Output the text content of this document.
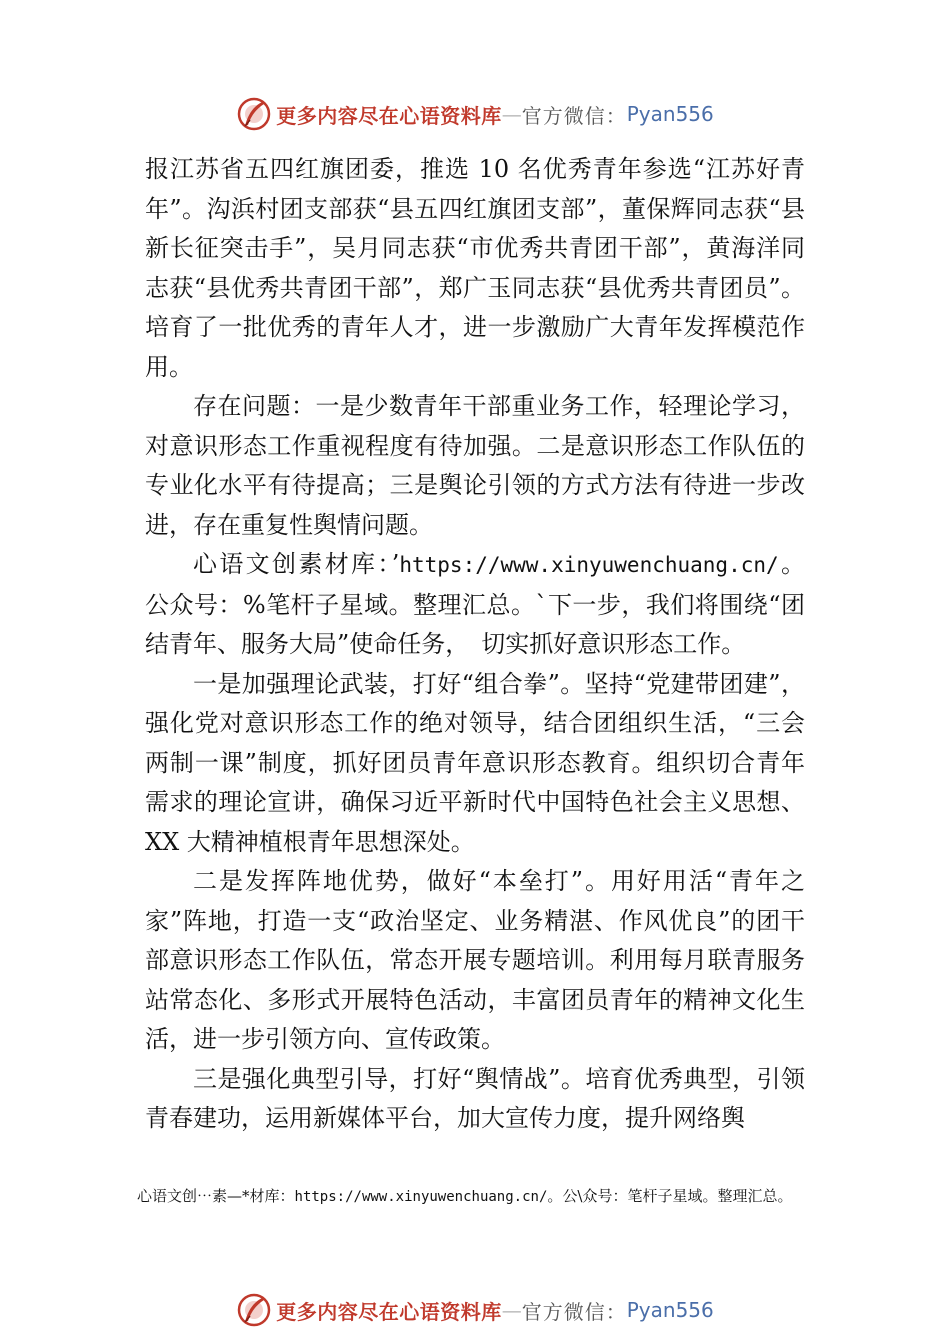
更多内容尽在心语资料库 — 官方微信： Pyan556

报江苏省五四红旗团委，推选 10 名优秀青年参选“江苏好青年”。沟浜村团支部获“县五四红旗团支部”，董保辉同志获“县新长征突击手”，吴月同志获“市优秀共青团干部”，黄海洋同志获“县优秀共青团干部”，郑广玉同志获“县优秀共青团员”。培育了一批优秀的青年人才，进一步激励广大青年发挥模范作用。

存在问题：一是少数青年干部重业务工作，轻理论学习，对意识形态工作重视程度有待加强。二是意识形态工作队伍的专业化水平有待提高；三是舆论引领的方式方法有待进一步改进，存在重复性舆情问题。

心语文创素材库：’https://www.xinyuwenchuang.cn/。公众号：%笔杆子星域。整理汇总。`下一步，我们将围绕“团结青年、服务大局”使命任务，　切实抓好意识形态工作。

一是加强理论武装，打好“组合拳”。坚持“党建带团建”，强化党对意识形态工作的绝对领导，结合团组织生活，“三会两制一课”制度，抓好团员青年意识形态教育。组织切合青年需求的理论宣讲，确保习近平新时代中国特色社会主义思想、XX 大精神植根青年思想深处。

二是发挥阵地优势，做好“本垒打”。用好用活“青年之家”阵地，打造一支“政治坚定、业务精湛、作风优良”的团干部意识形态工作队伍，常态开展专题培训。利用每月联青服务站常态化、多形式开展特色活动，丰富团员青年的精神文化生活，进一步引领方向、宣传政策。

三是强化典型引导，打好“舆情战”。培育优秀典型，引领青春建功，运用新媒体平台，加大宣传力度，提升网络舆

心语文创⋯素—*材库：https://www.xinyuwenchuang.cn/。公\众号：笔杆子星域。整理汇总。
更多内容尽在心语资料库 — 官方微信： Pyan556
